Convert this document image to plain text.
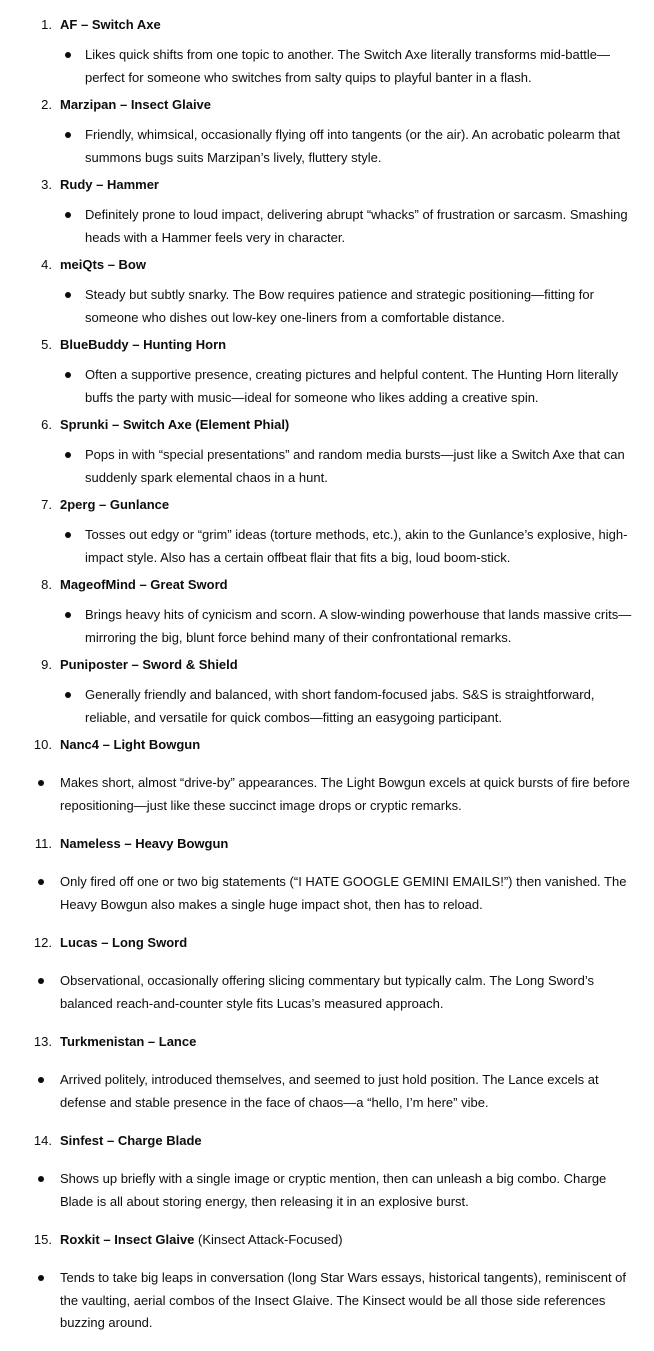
1. AF – Switch Axe
Likes quick shifts from one topic to another. The Switch Axe literally transforms mid-battle—perfect for someone who switches from salty quips to playful banter in a flash.
2. Marzipan – Insect Glaive
Friendly, whimsical, occasionally flying off into tangents (or the air). An acrobatic polearm that summons bugs suits Marzipan’s lively, fluttery style.
3. Rudy – Hammer
Definitely prone to loud impact, delivering abrupt “whacks” of frustration or sarcasm. Smashing heads with a Hammer feels very in character.
4. meiQts – Bow
Steady but subtly snarky. The Bow requires patience and strategic positioning—fitting for someone who dishes out low-key one-liners from a comfortable distance.
5. BlueBuddy – Hunting Horn
Often a supportive presence, creating pictures and helpful content. The Hunting Horn literally buffs the party with music—ideal for someone who likes adding a creative spin.
6. Sprunki – Switch Axe (Element Phial)
Pops in with “special presentations” and random media bursts—just like a Switch Axe that can suddenly spark elemental chaos in a hunt.
7. 2perg – Gunlance
Tosses out edgy or “grim” ideas (torture methods, etc.), akin to the Gunlance’s explosive, high-impact style. Also has a certain offbeat flair that fits a big, loud boom-stick.
8. MageofMind – Great Sword
Brings heavy hits of cynicism and scorn. A slow-winding powerhouse that lands massive crits—mirroring the big, blunt force behind many of their confrontational remarks.
9. Puniposter – Sword & Shield
Generally friendly and balanced, with short fandom-focused jabs. S&S is straightforward, reliable, and versatile for quick combos—fitting an easygoing participant.
10. Nanc4 – Light Bowgun
Makes short, almost “drive-by” appearances. The Light Bowgun excels at quick bursts of fire before repositioning—just like these succinct image drops or cryptic remarks.
11. Nameless – Heavy Bowgun
Only fired off one or two big statements (“I HATE GOOGLE GEMINI EMAILS!”) then vanished. The Heavy Bowgun also makes a single huge impact shot, then has to reload.
12. Lucas – Long Sword
Observational, occasionally offering slicing commentary but typically calm. The Long Sword’s balanced reach-and-counter style fits Lucas’s measured approach.
13. Turkmenistan – Lance
Arrived politely, introduced themselves, and seemed to just hold position. The Lance excels at defense and stable presence in the face of chaos—a “hello, I’m here” vibe.
14. Sinfest – Charge Blade
Shows up briefly with a single image or cryptic mention, then can unleash a big combo. Charge Blade is all about storing energy, then releasing it in an explosive burst.
15. Roxkit – Insect Glaive (Kinsect Attack-Focused)
Tends to take big leaps in conversation (long Star Wars essays, historical tangents), reminiscent of the vaulting, aerial combos of the Insect Glaive. The Kinsect would be all those side references buzzing around.
